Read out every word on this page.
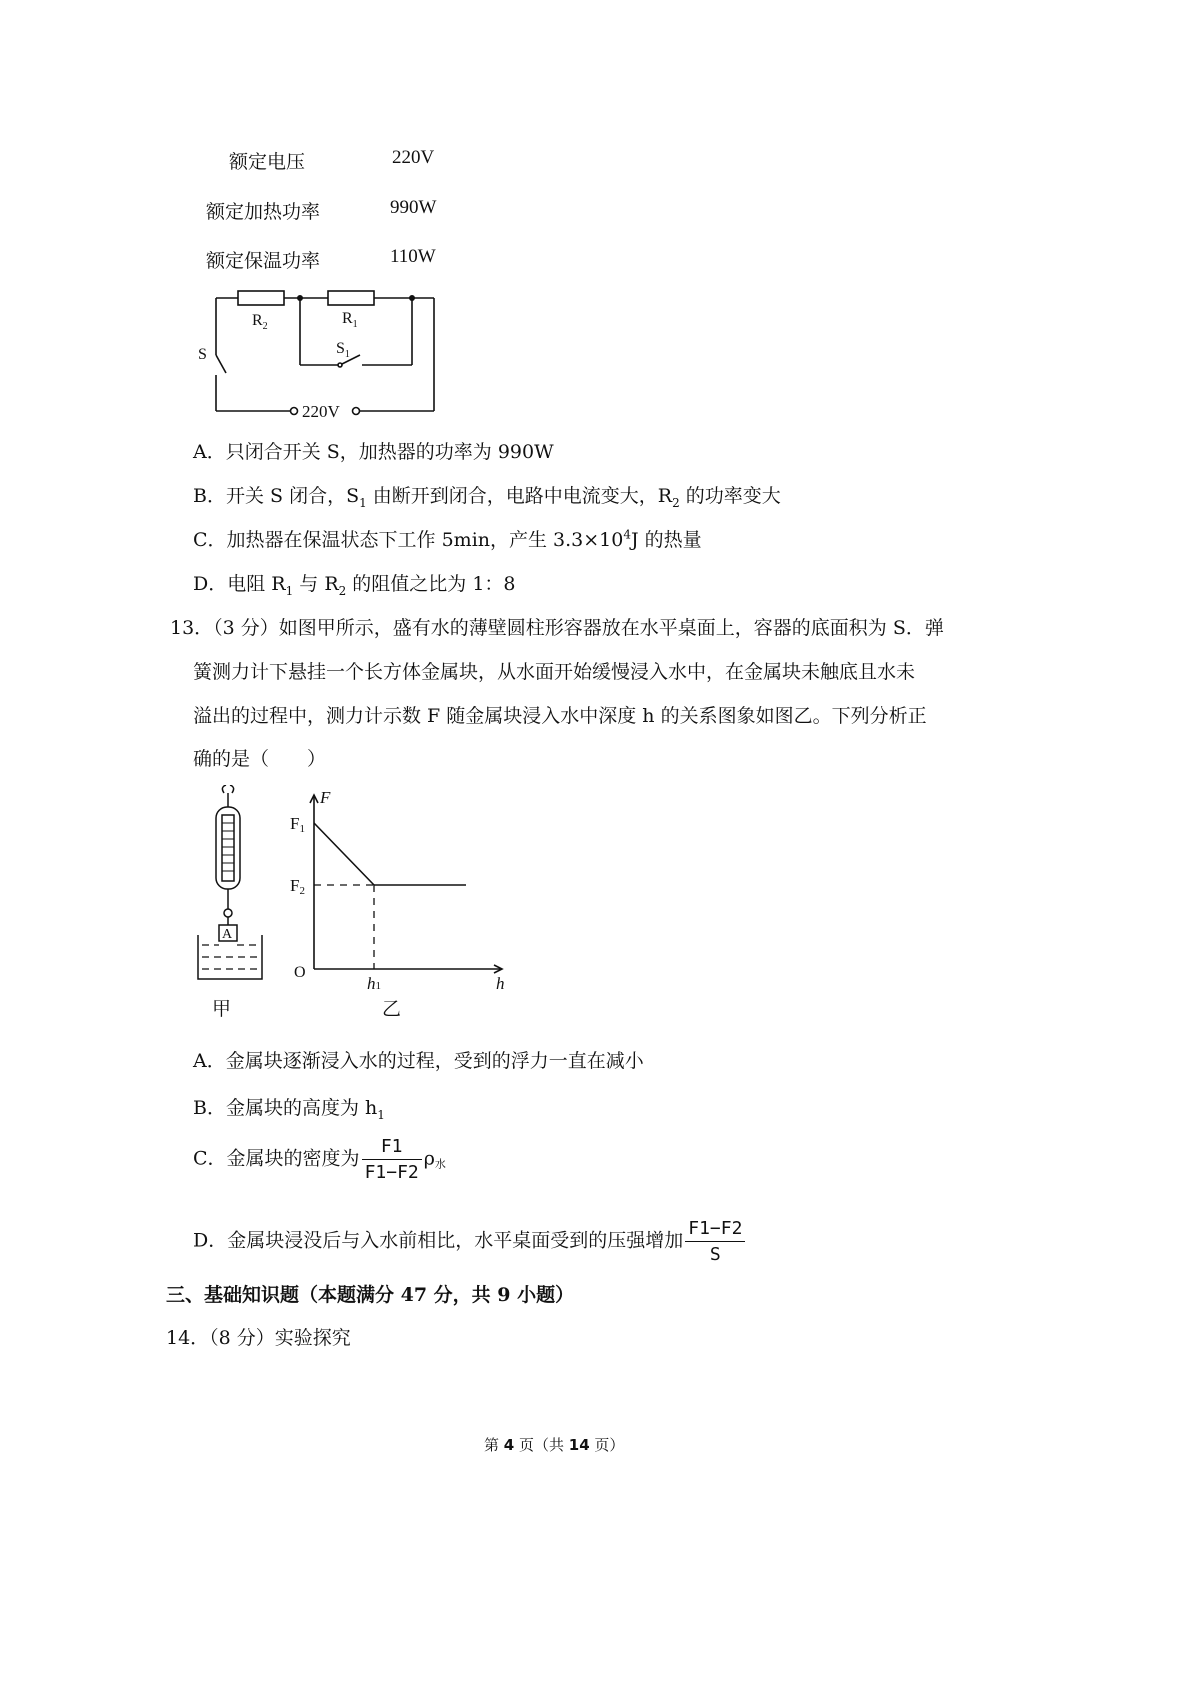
额定电压	220V
额定加热功率	990W
额定保温功率	110W
$R_2$	$R_1$
S	$S_1$
220V
A．只闭合开关 S，加热器的功率为 990W
B．开关 S 闭合，$S_1$ 由断开到闭合，电路中电流变大，$R_2$ 的功率变大
C．加热器在保温状态下工作 5min，产生 $3.3\times 10^4J$ 的热量
D．电阻 $R_1$ 与 $R_2$ 的阻值之比为 1：8
13．（3 分）如图甲所示，盛有水的薄壁圆柱形容器放在水平桌面上，容器的底面积为 S．弹
簧测力计下悬挂一个长方体金属块，从水面开始缓慢浸入水中，在金属块未触底且水未
溢出的过程中，测力计示数 F 随金属块浸入水中深度 h 的关系图象如图乙。下列分析正
确的是（　　）
A
甲
F
h
O
F1
F2
h1
乙
A．金属块逐渐浸入水的过程，受到的浮力一直在减小
B．金属块的高度为 $h_1$
C．金属块的密度为 $\frac{F1}{F1-F2}$ ρ水
D．金属块浸没后与入水前相比，水平桌面受到的压强增加 $\frac{F1-F2}{S}$
三、基础知识题（本题满分 47 分，共 9 小题）
14．（8 分）实验探究
第 4 页（共 14 页）
